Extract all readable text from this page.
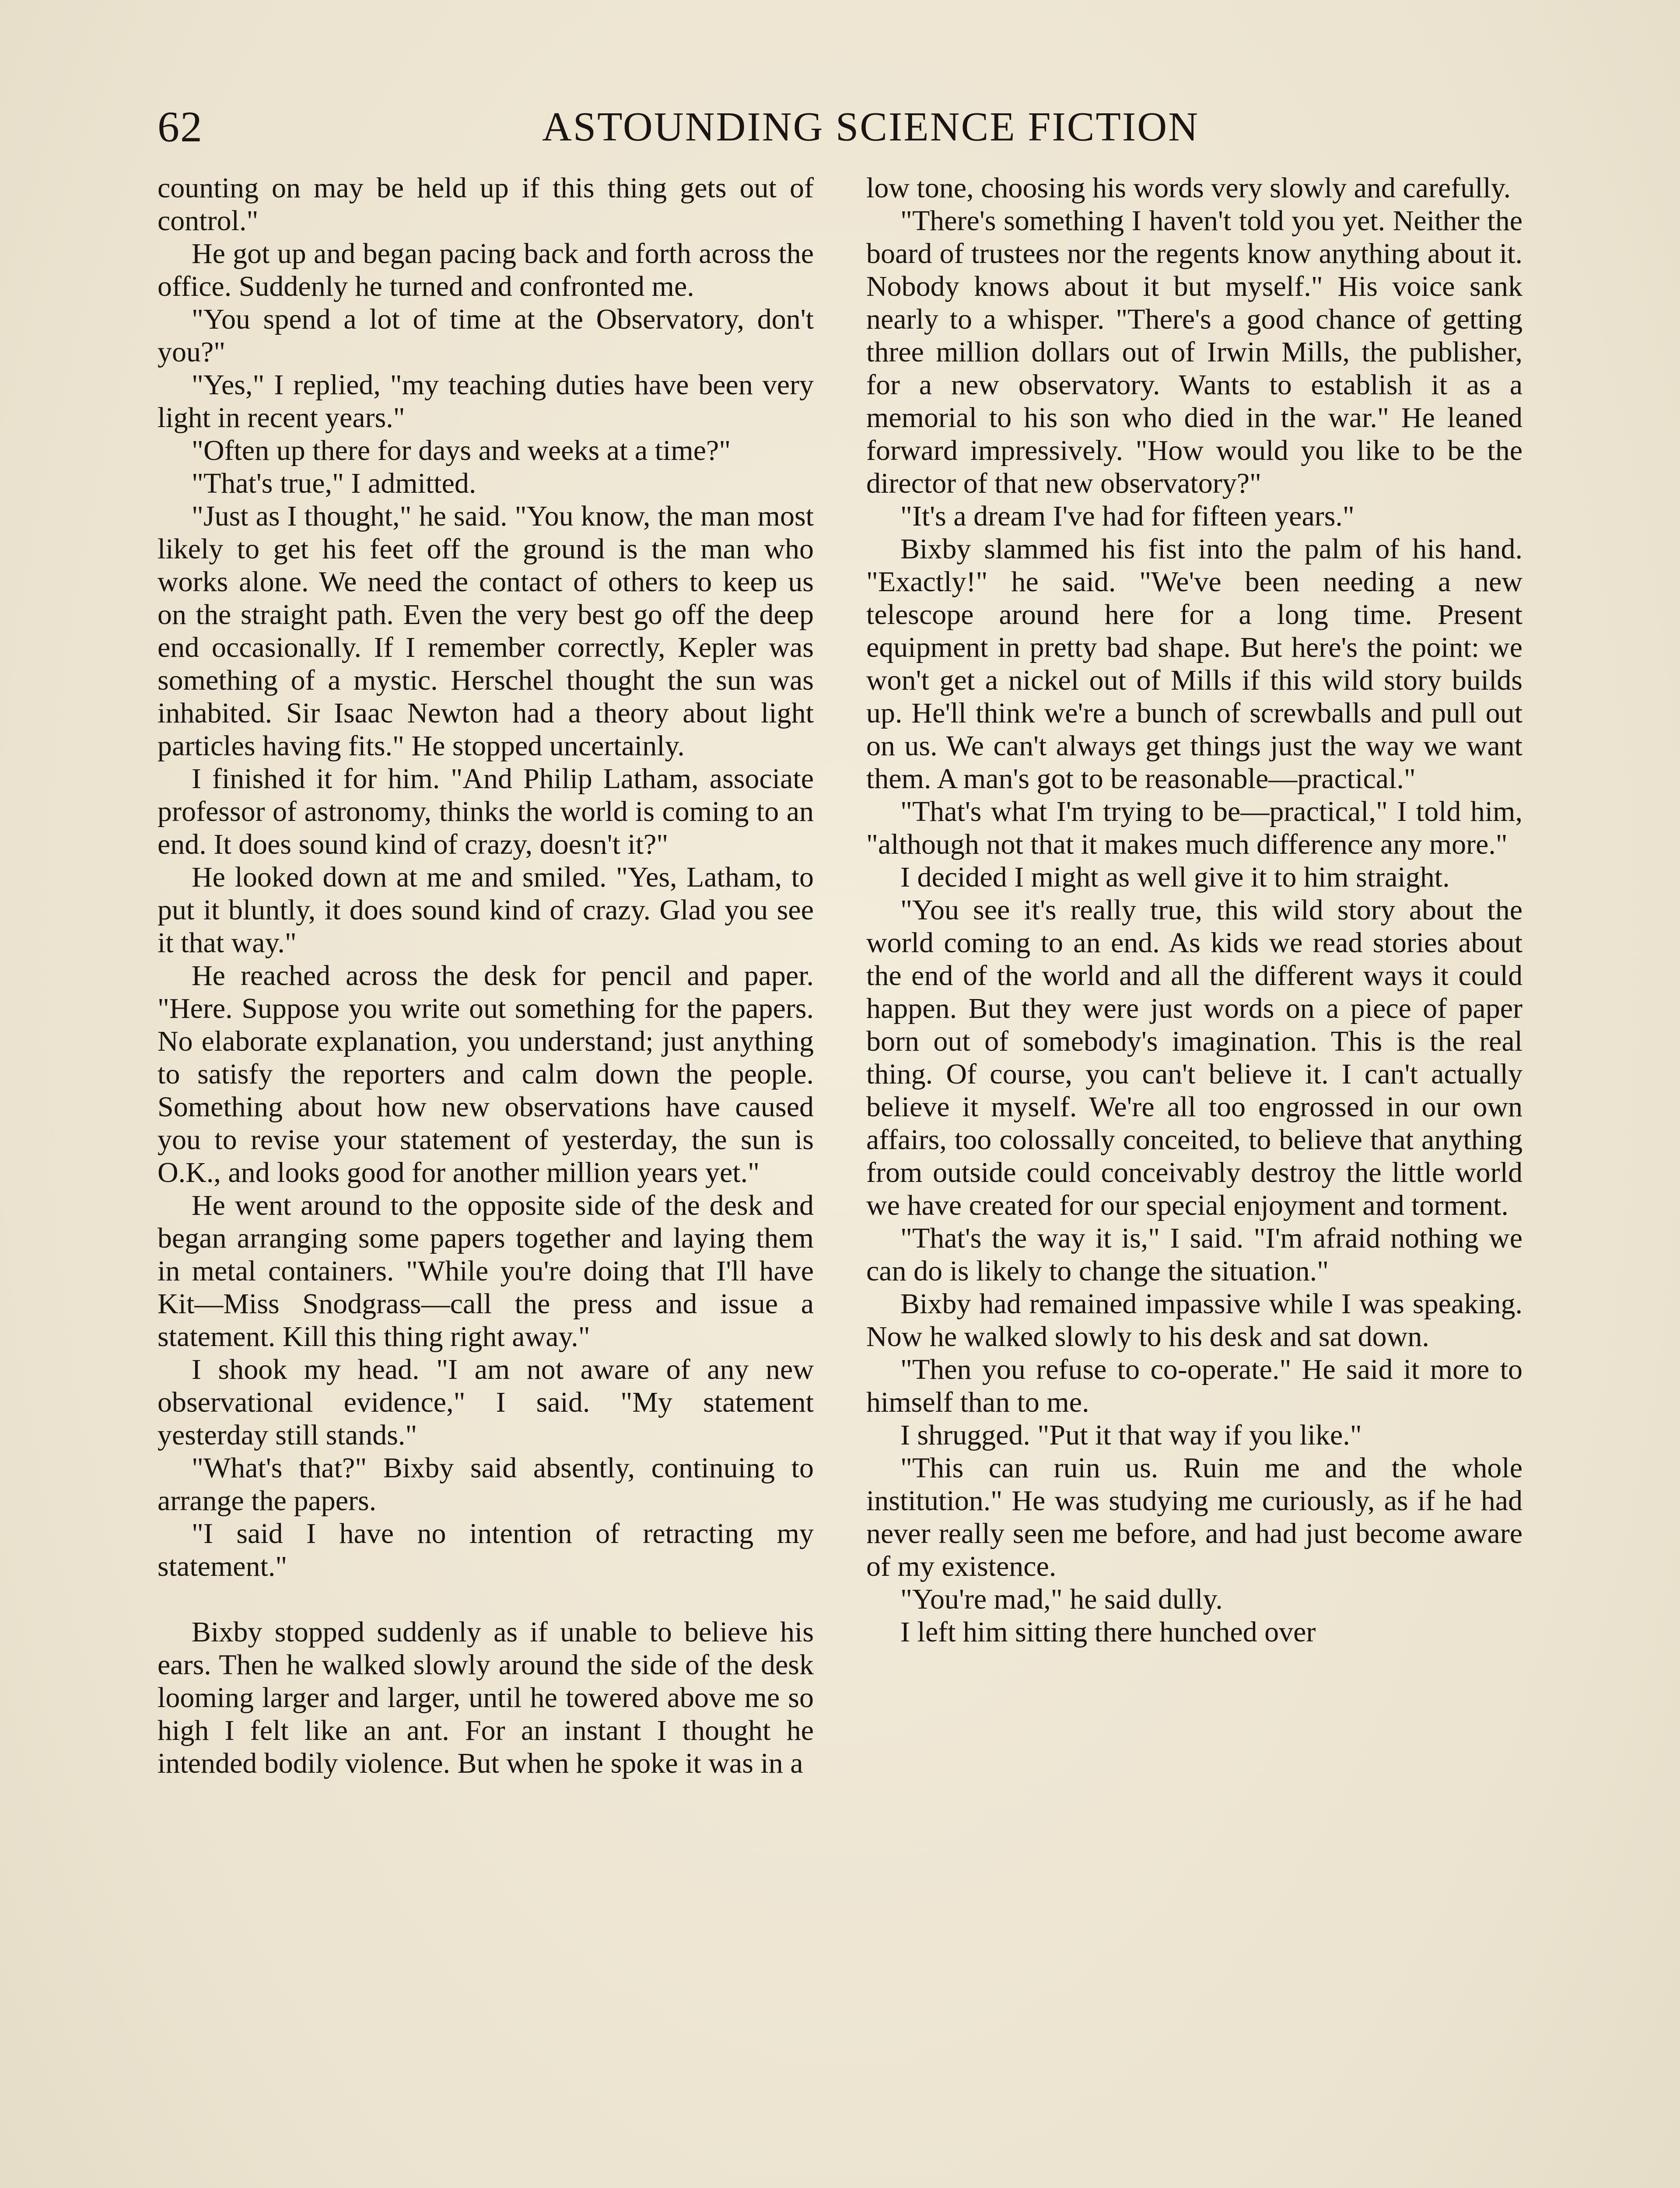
62	ASTOUNDING SCIENCE FICTION

counting on may be held up if this thing gets out of control."

He got up and began pacing back and forth across the office. Suddenly he turned and confronted me.

"You spend a lot of time at the Observatory, don't you?"

"Yes," I replied, "my teaching duties have been very light in recent years."

"Often up there for days and weeks at a time?"

"That's true," I admitted.

"Just as I thought," he said. "You know, the man most likely to get his feet off the ground is the man who works alone. We need the contact of others to keep us on the straight path. Even the very best go off the deep end occasionally. If I remember correctly, Kepler was something of a mystic. Herschel thought the sun was inhabited. Sir Isaac Newton had a theory about light particles having fits." He stopped uncertainly.

I finished it for him. "And Philip Latham, associate professor of astronomy, thinks the world is coming to an end. It does sound kind of crazy, doesn't it?"

He looked down at me and smiled. "Yes, Latham, to put it bluntly, it does sound kind of crazy. Glad you see it that way."

He reached across the desk for pencil and paper. "Here. Suppose you write out something for the papers. No elaborate explanation, you understand; just anything to satisfy the reporters and calm down the people. Something about how new observations have caused you to revise your statement of yesterday, the sun is O.K., and looks good for another million years yet."

He went around to the opposite side of the desk and began arranging some papers together and laying them in metal containers. "While you're doing that I'll have Kit—Miss Snodgrass—call the press and issue a statement. Kill this thing right away."

I shook my head. "I am not aware of any new observational evidence," I said. "My statement yesterday still stands."

"What's that?" Bixby said absently, continuing to arrange the papers.

"I said I have no intention of retracting my statement."

Bixby stopped suddenly as if unable to believe his ears. Then he walked slowly around the side of the desk looming larger and larger, until he towered above me so high I felt like an ant. For an instant I thought he intended bodily violence. But when he spoke it was in a

low tone, choosing his words very slowly and carefully.

"There's something I haven't told you yet. Neither the board of trustees nor the regents know anything about it. Nobody knows about it but myself." His voice sank nearly to a whisper. "There's a good chance of getting three million dollars out of Irwin Mills, the publisher, for a new observatory. Wants to establish it as a memorial to his son who died in the war." He leaned forward impressively. "How would you like to be the director of that new observatory?"

"It's a dream I've had for fifteen years."

Bixby slammed his fist into the palm of his hand. "Exactly!" he said. "We've been needing a new telescope around here for a long time. Present equipment in pretty bad shape. But here's the point: we won't get a nickel out of Mills if this wild story builds up. He'll think we're a bunch of screwballs and pull out on us. We can't always get things just the way we want them. A man's got to be reasonable—practical."

"That's what I'm trying to be—practical," I told him, "although not that it makes much difference any more."

I decided I might as well give it to him straight.

"You see it's really true, this wild story about the world coming to an end. As kids we read stories about the end of the world and all the different ways it could happen. But they were just words on a piece of paper born out of somebody's imagination. This is the real thing. Of course, you can't believe it. I can't actually believe it myself. We're all too engrossed in our own affairs, too colossally conceited, to believe that anything from outside could conceivably destroy the little world we have created for our special enjoyment and torment.

"That's the way it is," I said. "I'm afraid nothing we can do is likely to change the situation."

Bixby had remained impassive while I was speaking. Now he walked slowly to his desk and sat down.

"Then you refuse to co-operate." He said it more to himself than to me.

I shrugged. "Put it that way if you like."

"This can ruin us. Ruin me and the whole institution." He was studying me curiously, as if he had never really seen me before, and had just become aware of my existence.

"You're mad," he said dully.

I left him sitting there hunched over
